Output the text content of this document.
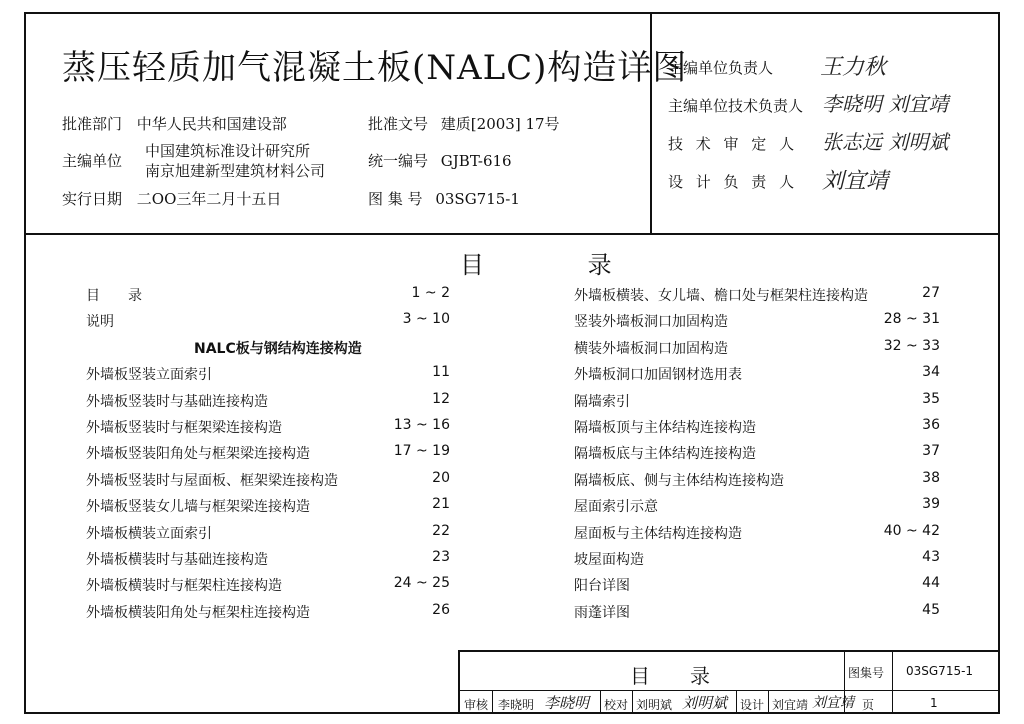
蒸压轻质加气混凝土板(NALC)构造详图
批准部门 中华人民共和国建设部
主编单位
中国建筑标准设计研究所
南京旭建新型建筑材料公司
实行日期 二OO三年二月十五日
批准文号 建质[2003] 17号
统一编号 GJBT-616
图 集 号 03SG715-1
主编单位负责人 王力秋
主编单位技术负责人 李晓明 刘宜靖
技 术 审 定 人 张志远 刘明斌
设 计 负 责 人 刘宜靖
目 录
目　　录	1 ~ 2
说明	3 ~ 10
NALC板与钢结构连接构造
外墙板竖装立面索引	11
外墙板竖装时与基础连接构造	12
外墙板竖装时与框架梁连接构造	13 ~ 16
外墙板竖装阳角处与框架梁连接构造	17 ~ 19
外墙板竖装时与屋面板、框架梁连接构造	20
外墙板竖装女儿墙与框架梁连接构造	21
外墙板横装立面索引	22
外墙板横装时与基础连接构造	23
外墙板横装时与框架柱连接构造	24 ~ 25
外墙板横装阳角处与框架柱连接构造	26
外墙板横装、女儿墙、檐口处与框架柱连接构造	27
竖装外墙板洞口加固构造	28 ~ 31
横装外墙板洞口加固构造	32 ~ 33
外墙板洞口加固钢材选用表	34
隔墙索引	35
隔墙板顶与主体结构连接构造	36
隔墙板底与主体结构连接构造	37
隔墙板底、侧与主体结构连接构造	38
屋面索引示意	39
屋面板与主体结构连接构造	40 ~ 42
坡屋面构造	43
阳台详图	44
雨蓬详图	45
目　　录	图集号 03SG715-1
审核 李晓明 李晓明 校对 刘明斌 刘明斌 设计 刘宜靖 刘宜靖 页	1
